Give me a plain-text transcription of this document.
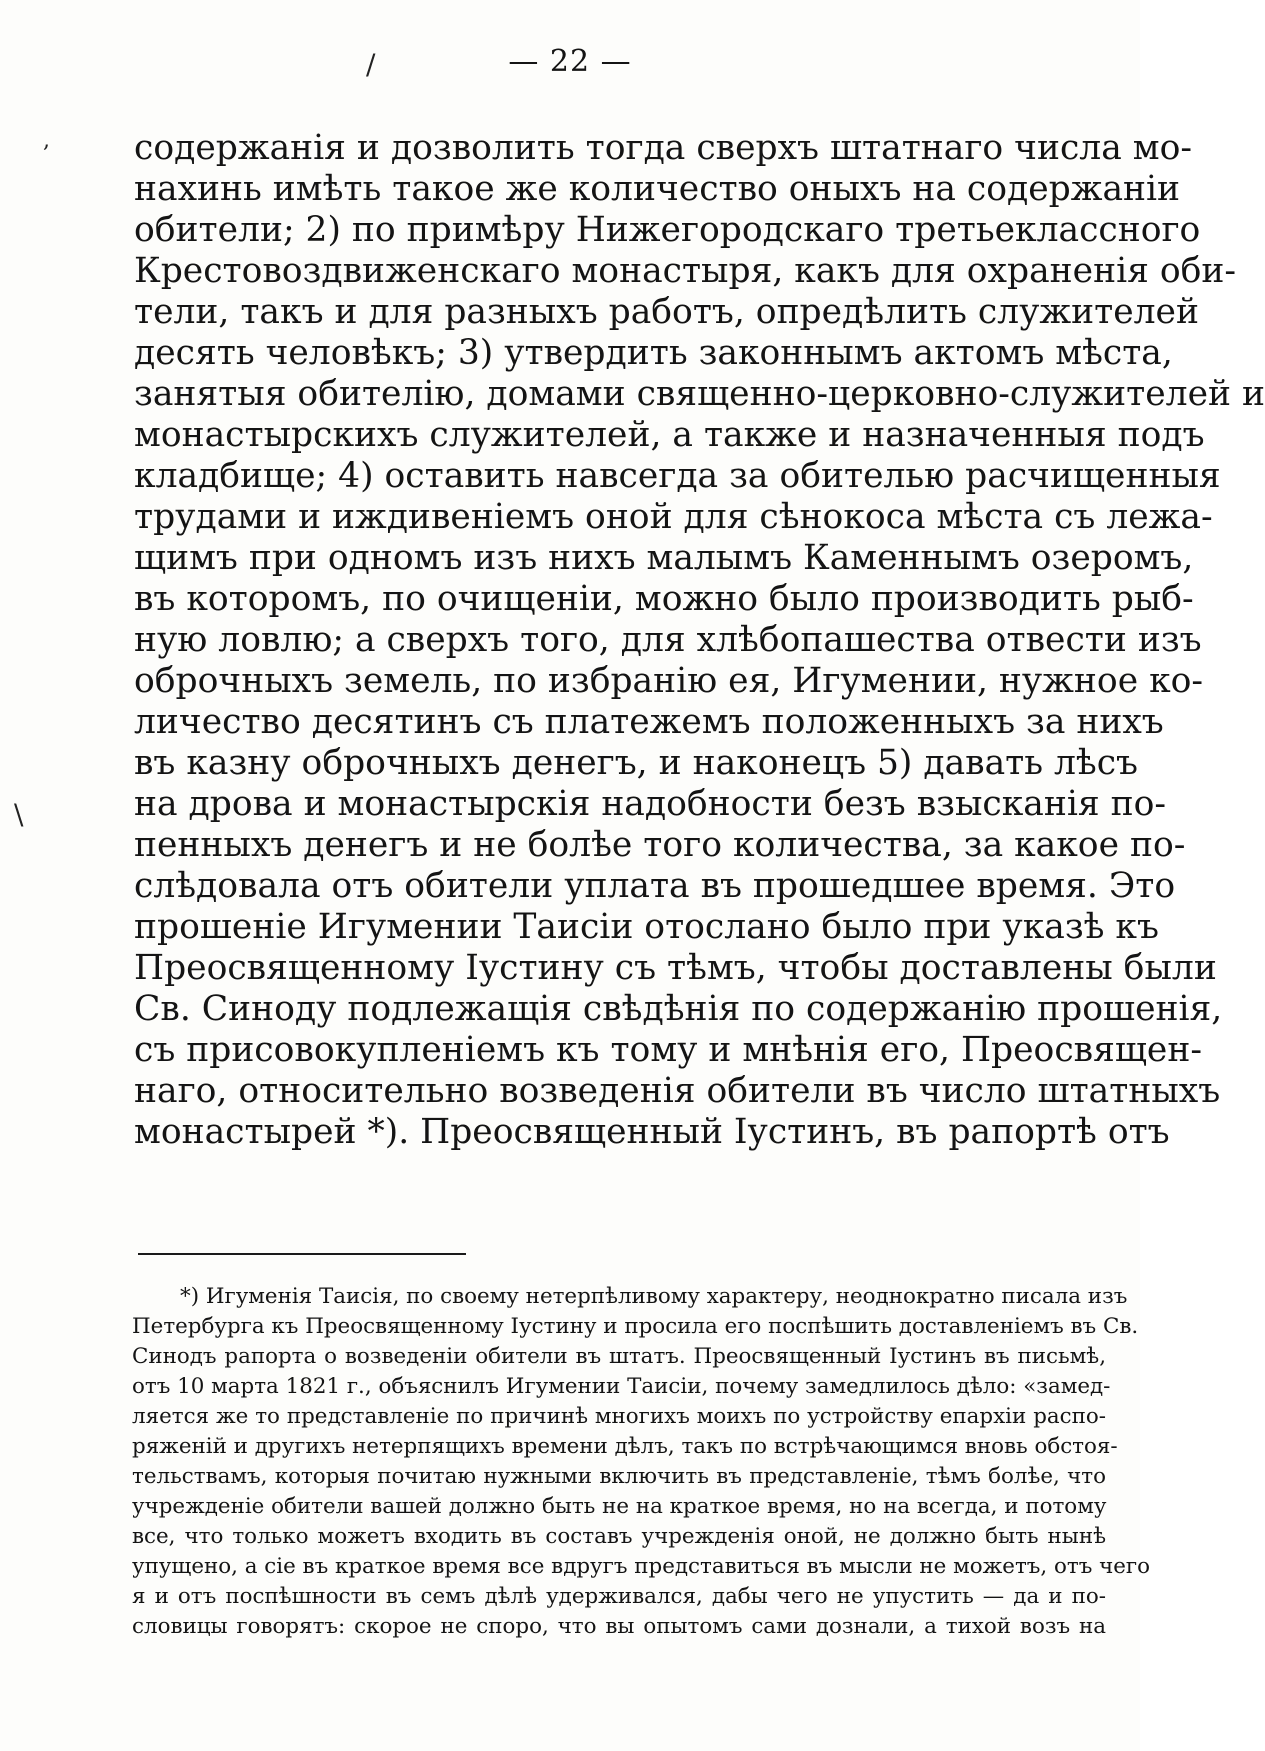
/	— 22 —
,
\
содержанія и дозволить тогда сверхъ штатнаго числа мо-
нахинь имѣть такое же количество оныхъ на содержаніи
обители; 2) по примѣру Нижегородскаго третьеклассного
Крестовоздвиженскаго монастыря, какъ для охраненія оби-
тели, такъ и для разныхъ работъ, опредѣлить служителей
десять человѣкъ; 3) утвердить законнымъ актомъ мѣста,
занятыя обителію, домами священно-церковно-служителей и
монастырскихъ служителей, а также и назначенныя подъ
кладбище; 4) оставить навсегда за обителью расчищенныя
трудами и иждивеніемъ оной для сѣнокоса мѣста съ лежа-
щимъ при одномъ изъ нихъ малымъ Каменнымъ озеромъ,
въ которомъ, по очищеніи, можно было производить рыб-
ную ловлю; а сверхъ того, для хлѣбопашества отвести изъ
оброчныхъ земель, по избранію ея, Игумении, нужное ко-
личество десятинъ съ платежемъ положенныхъ за нихъ
въ казну оброчныхъ денегъ, и наконецъ 5) давать лѣсъ
на дрова и монастырскія надобности безъ взысканія по-
пенныхъ денегъ и не болѣе того количества, за какое по-
слѣдовала отъ обители уплата въ прошедшее время. Это
прошеніе Игумении Таисіи отослано было при указѣ къ
Преосвященному Іустину съ тѣмъ, чтобы доставлены были
Св. Синоду подлежащія свѣдѣнія по содержанію прошенія,
съ присовокупленіемъ къ тому и мнѣнія его, Преосвящен-
наго, относительно возведенія обители въ число штатныхъ
монастырей *). Преосвященный Іустинъ, въ рапортѣ отъ
*) Игуменія Таисія, по своему нетерпѣливому характеру, неоднократно писала изъ
Петербурга къ Преосвященному Іустину и просила его поспѣшить доставленіемъ въ Св.
Синодъ рапорта о возведеніи обители въ штатъ. Преосвященный Іустинъ въ письмѣ,
отъ 10 марта 1821 г., объяснилъ Игумении Таисіи, почему замедлилось дѣло: «замед-
ляется же то представленіе по причинѣ многихъ моихъ по устройству епархіи распо-
ряженій и другихъ нетерпящихъ времени дѣлъ, такъ по встрѣчающимся вновь обстоя-
тельствамъ, которыя почитаю нужными включить въ представленіе, тѣмъ болѣе, что
учрежденіе обители вашей должно быть не на краткое время, но на всегда, и потому
все, что только можетъ входить въ составъ учрежденія оной, не должно быть нынѣ
упущено, а сіе въ краткое время все вдругъ представиться въ мысли не можетъ, отъ чего
я и отъ поспѣшности въ семъ дѣлѣ удерживался, дабы чего не упустить — да и по-
словицы говорятъ: скорое не споро, что вы опытомъ сами дознали, а тихой возъ на
